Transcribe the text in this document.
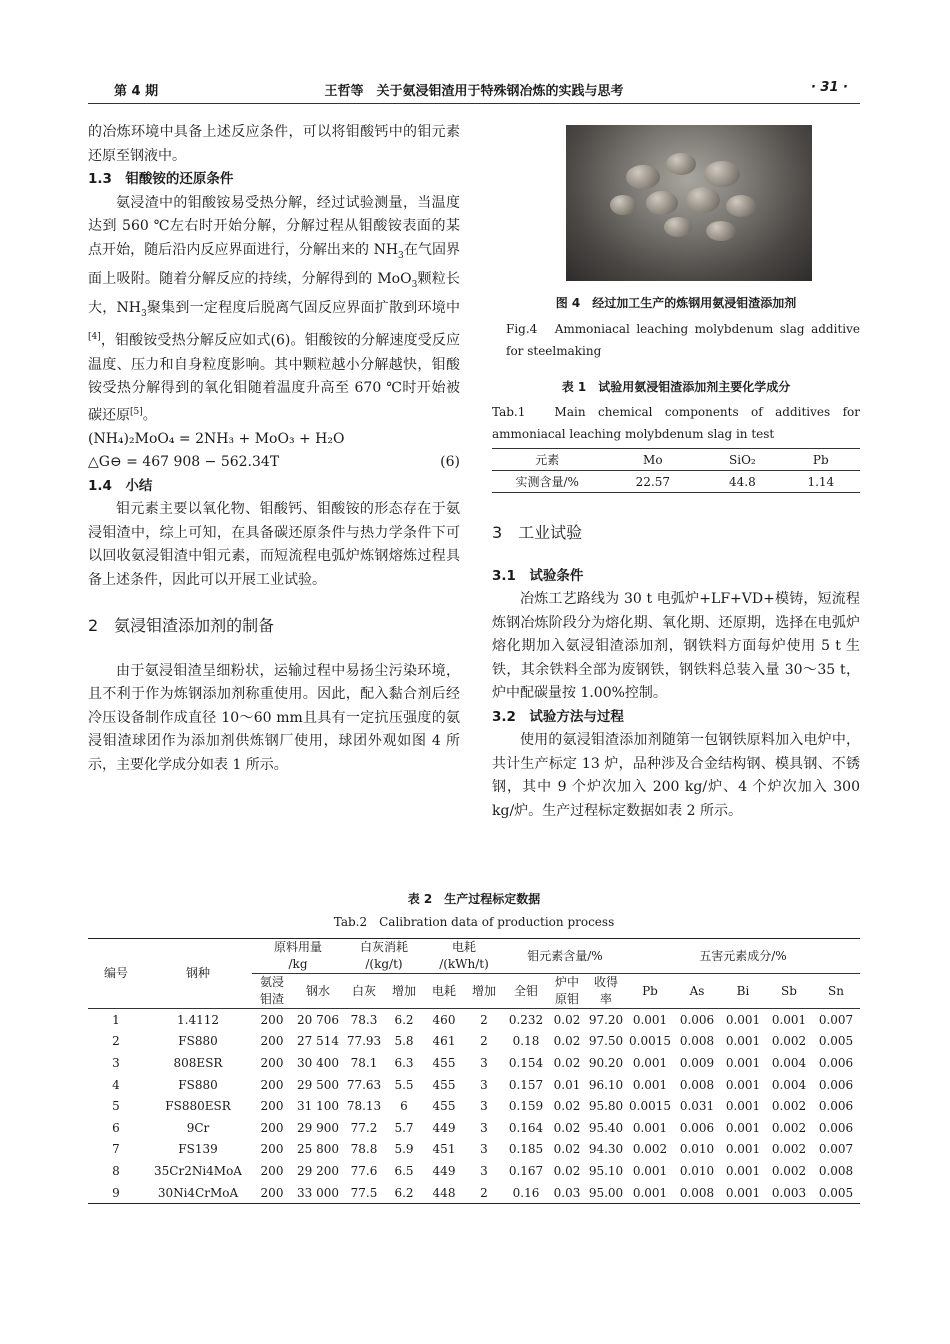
第 4 期	王哲等　关于氨浸钼渣用于特殊钢冶炼的实践与思考	· 31 ·

的冶炼环境中具备上述反应条件，可以将钼酸钙中的钼元素还原至钢液中。

1.3　钼酸铵的还原条件

氨浸渣中的钼酸铵易受热分解，经过试验测量，当温度达到 560 ℃左右时开始分解，分解过程从钼酸铵表面的某点开始，随后沿内反应界面进行，分解出来的 $NH_3$在气固界面上吸附。随着分解反应的持续，分解得到的 MoO$_3$颗粒长大，$NH_3$聚集到一定程度后脱离气固反应界面扩散到环境中[4]，钼酸铵受热分解反应如式(6)。钼酸铵的分解速度受反应温度、压力和自身粒度影响。其中颗粒越小分解越快，钼酸铵受热分解得到的氧化钼随着温度升高至 670 ℃时开始被碳还原[5]。

(NH₄)₂MoO₄ = 2NH₃ + MoO₃ + H₂O

△G⊖ = 467 908 − 562.34T	(6)

1.4　小结

钼元素主要以氧化物、钼酸钙、钼酸铵的形态存在于氨浸钼渣中，综上可知，在具备碳还原条件与热力学条件下可以回收氨浸钼渣中钼元素，而短流程电弧炉炼钢熔炼过程具备上述条件，因此可以开展工业试验。

2　氨浸钼渣添加剂的制备

由于氨浸钼渣呈细粉状，运输过程中易扬尘污染环境，且不利于作为炼钢添加剂称重使用。因此，配入黏合剂后经冷压设备制作成直径 10～60 mm且具有一定抗压强度的氨浸钼渣球团作为添加剂供炼钢厂使用，球团外观如图 4 所示，主要化学成分如表 1 所示。

图 4　经过加工生产的炼钢用氨浸钼渣添加剂
Fig.4　Ammoniacal leaching molybdenum slag additive for steelmaking
表 1　试验用氨浸钼渣添加剂主要化学成分
Tab.1　Main chemical components of additives for ammoniacal leaching molybdenum slag in test
元素	Mo	SiO₂	Pb
实测含量/%	22.57	44.8	1.14

3　工业试验

3.1　试验条件

冶炼工艺路线为 30 t 电弧炉+LF+VD+模铸，短流程炼钢冶炼阶段分为熔化期、氧化期、还原期，选择在电弧炉熔化期加入氨浸钼渣添加剂，钢铁料方面每炉使用 5 t 生铁，其余铁料全部为废钢铁，钢铁料总装入量 30～35 t，炉中配碳量按 1.00%控制。

3.2　试验方法与过程

使用的氨浸钼渣添加剂随第一包钢铁原料加入电炉中，共计生产标定 13 炉，品种涉及合金结构钢、模具钢、不锈钢，其中 9 个炉次加入 200 kg/炉、4 个炉次加入 300 kg/炉。生产过程标定数据如表 2 所示。

表 2　生产过程标定数据
Tab.2　Calibration data of production process
编号	钢种	原料用量
/kg		白灰消耗
/(kg/t)		电耗
/(kWh/t)		钼元素含量/%			五害元素成分/%				
		氨浸
钼渣	钢水	白灰	增加	电耗	增加	全钼	炉中
原钼	收得
率	Pb	As	Bi	Sb	Sn
1	1.4112	200	20 706	78.3	6.2	460	2	0.232	0.02	97.20	0.001	0.006	0.001	0.001	0.007
2	FS880	200	27 514	77.93	5.8	461	2	0.18	0.02	97.50	0.0015	0.008	0.001	0.002	0.005
3	808ESR	200	30 400	78.1	6.3	455	3	0.154	0.02	90.20	0.001	0.009	0.001	0.004	0.006
4	FS880	200	29 500	77.63	5.5	455	3	0.157	0.01	96.10	0.001	0.008	0.001	0.004	0.006
5	FS880ESR	200	31 100	78.13	6	455	3	0.159	0.02	95.80	0.0015	0.031	0.001	0.002	0.006
6	9Cr	200	29 900	77.2	5.7	449	3	0.164	0.02	95.40	0.001	0.006	0.001	0.002	0.006
7	FS139	200	25 800	78.8	5.9	451	3	0.185	0.02	94.30	0.002	0.010	0.001	0.002	0.007
8	35Cr2Ni4MoA	200	29 200	77.6	6.5	449	3	0.167	0.02	95.10	0.001	0.010	0.001	0.002	0.008
9	30Ni4CrMoA	200	33 000	77.5	6.2	448	2	0.16	0.03	95.00	0.001	0.008	0.001	0.003	0.005
